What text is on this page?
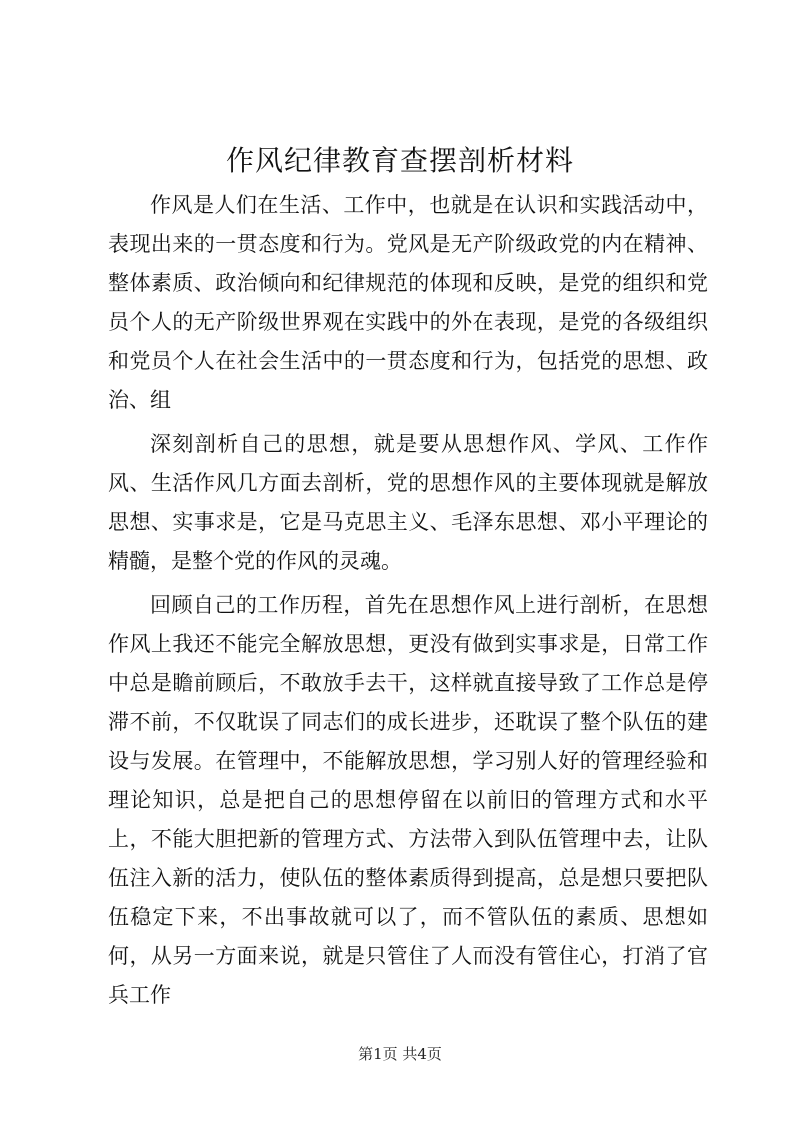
作风纪律教育查摆剖析材料

作风是人们在生活、工作中，也就是在认识和实践活动中，表现出来的一贯态度和行为。党风是无产阶级政党的内在精神、整体素质、政治倾向和纪律规范的体现和反映，是党的组织和党员个人的无产阶级世界观在实践中的外在表现，是党的各级组织和党员个人在社会生活中的一贯态度和行为，包括党的思想、政治、组

深刻剖析自己的思想，就是要从思想作风、学风、工作作风、生活作风几方面去剖析，党的思想作风的主要体现就是解放思想、实事求是，它是马克思主义、毛泽东思想、邓小平理论的精髓，是整个党的作风的灵魂。

回顾自己的工作历程，首先在思想作风上进行剖析，在思想作风上我还不能完全解放思想，更没有做到实事求是，日常工作中总是瞻前顾后，不敢放手去干，这样就直接导致了工作总是停滞不前，不仅耽误了同志们的成长进步，还耽误了整个队伍的建设与发展。在管理中，不能解放思想，学习别人好的管理经验和理论知识，总是把自己的思想停留在以前旧的管理方式和水平上，不能大胆把新的管理方式、方法带入到队伍管理中去，让队伍注入新的活力，使队伍的整体素质得到提高，总是想只要把队伍稳定下来，不出事故就可以了，而不管队伍的素质、思想如何，从另一方面来说，就是只管住了人而没有管住心，打消了官兵工作

第1页 共4页
